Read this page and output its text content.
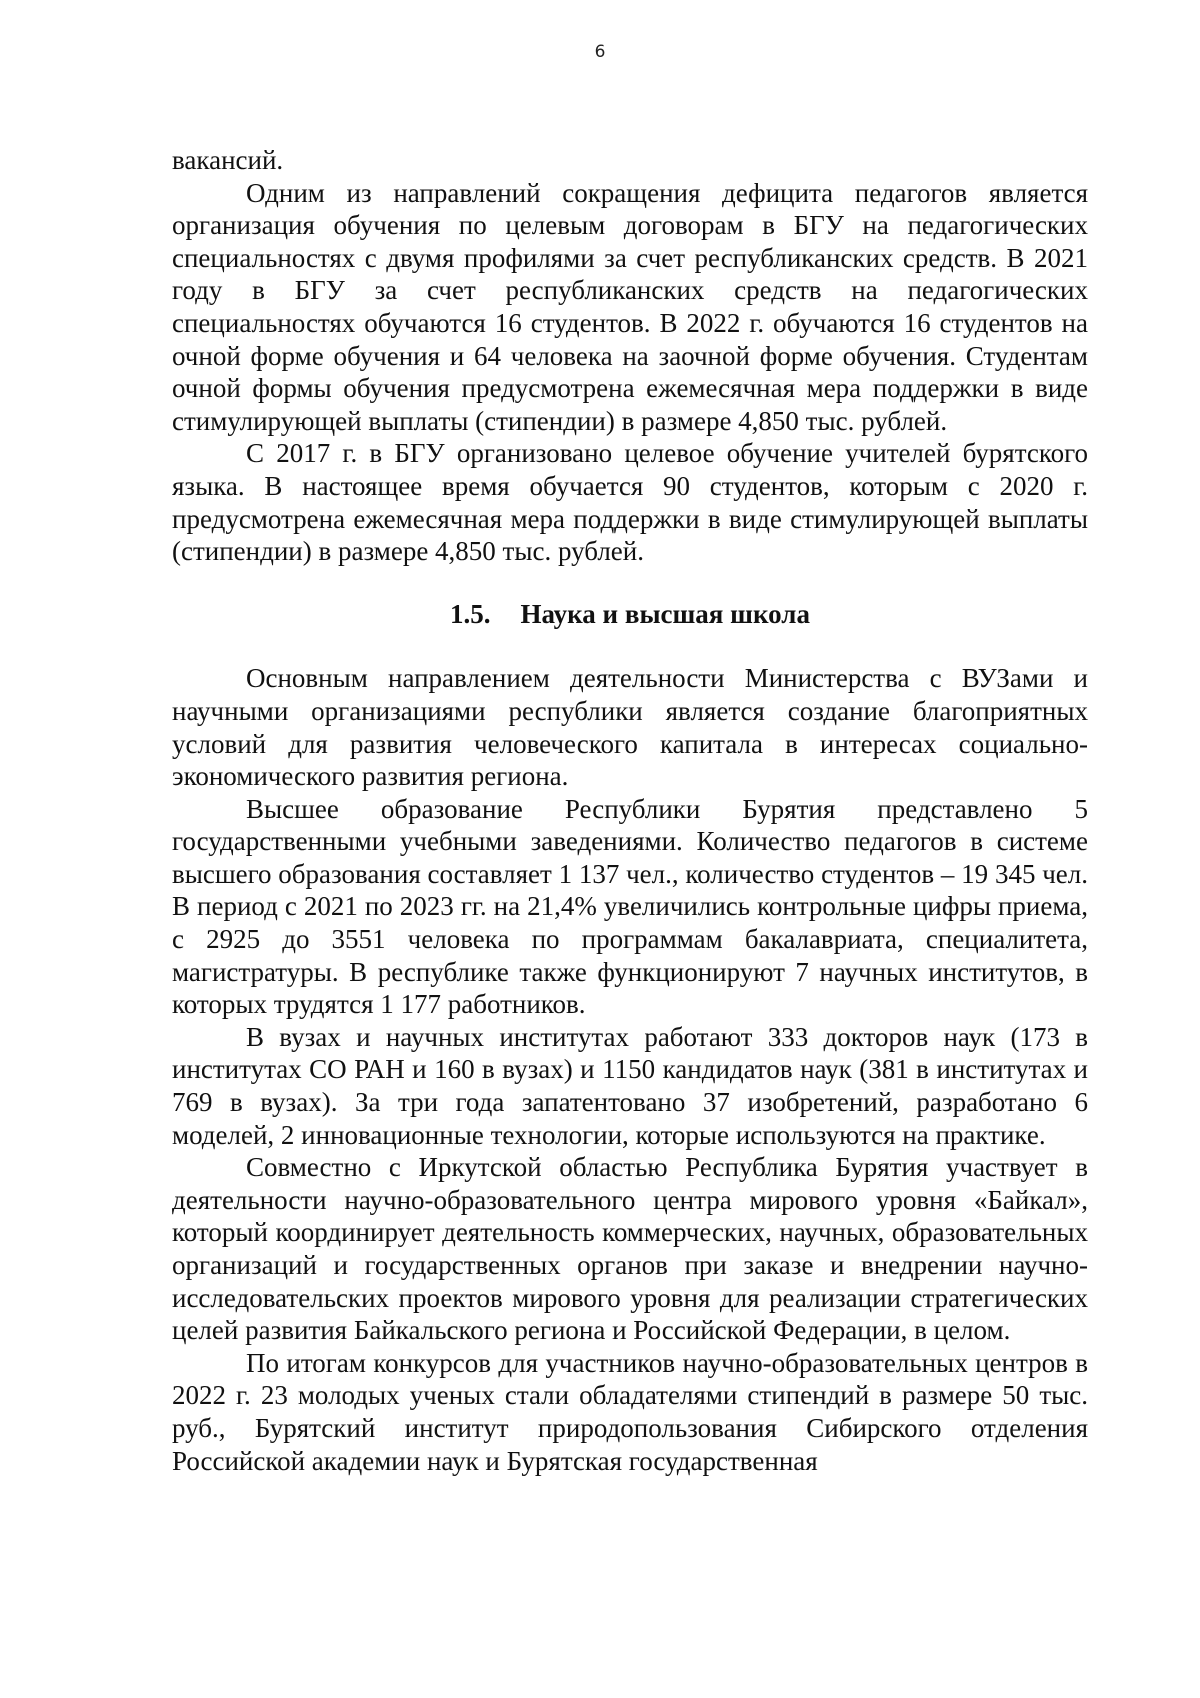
6

вакансий.

Одним из направлений сокращения дефицита педагогов является организация обучения по целевым договорам в БГУ на педагогических специальностях с двумя профилями за счет республиканских средств. В 2021 году в БГУ за счет республиканских средств на педагогических специальностях обучаются 16 студентов. В 2022 г. обучаются 16 студентов на очной форме обучения и 64 человека на заочной форме обучения. Студентам очной формы обучения предусмотрена ежемесячная мера поддержки в виде стимулирующей выплаты (стипендии) в размере 4,850 тыс. рублей.

С 2017 г. в БГУ организовано целевое обучение учителей бурятского языка. В настоящее время обучается 90 студентов, которым с 2020 г. предусмотрена ежемесячная мера поддержки в виде стимулирующей выплаты (стипендии) в размере 4,850 тыс. рублей.

1.5. Наука и высшая школа

Основным направлением деятельности Министерства с ВУЗами и научными организациями республики является создание благоприятных условий для развития человеческого капитала в интересах социально-экономического развития региона.

Высшее образование Республики Бурятия представлено 5 государственными учебными заведениями. Количество педагогов в системе высшего образования составляет 1 137 чел., количество студентов – 19 345 чел. В период с 2021 по 2023 гг. на 21,4% увеличились контрольные цифры приема, с 2925 до 3551 человека по программам бакалавриата, специалитета, магистратуры. В республике также функционируют 7 научных институтов, в которых трудятся 1 177 работников.

В вузах и научных институтах работают 333 докторов наук (173 в институтах СО РАН и 160 в вузах) и 1150 кандидатов наук (381 в институтах и 769 в вузах). За три года запатентовано 37 изобретений, разработано 6 моделей, 2 инновационные технологии, которые используются на практике.

Совместно с Иркутской областью Республика Бурятия участвует в деятельности научно-образовательного центра мирового уровня «Байкал», который координирует деятельность коммерческих, научных, образовательных организаций и государственных органов при заказе и внедрении научно-исследовательских проектов мирового уровня для реализации стратегических целей развития Байкальского региона и Российской Федерации, в целом.

По итогам конкурсов для участников научно-образовательных центров в 2022 г. 23 молодых ученых стали обладателями стипендий в размере 50 тыс. руб., Бурятский институт природопользования Сибирского отделения Российской академии наук и Бурятская государственная
